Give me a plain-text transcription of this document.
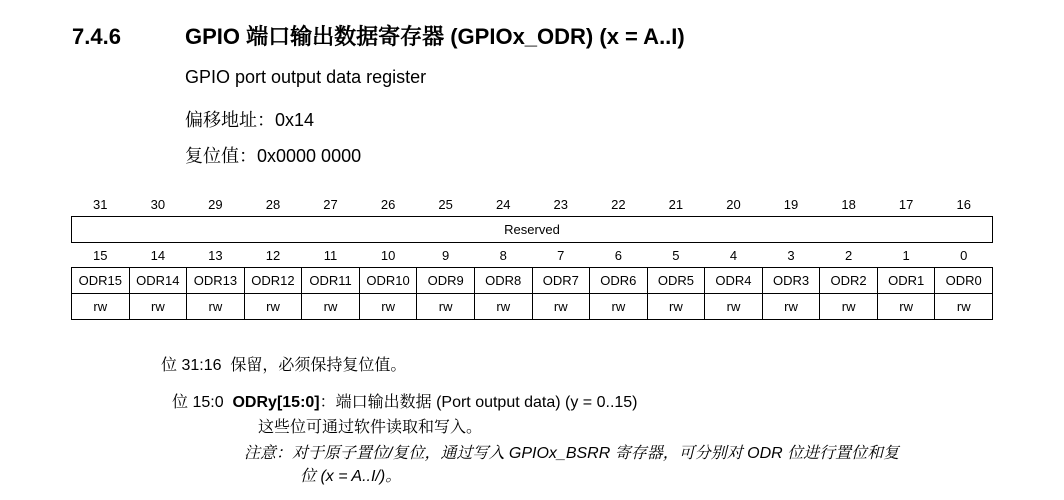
7.4.6	GPIO 端口输出数据寄存器 (GPIOx_ODR) (x = A..I)
GPIO port output data register
偏移地址：0x14
复位值：0x0000 0000
31	30	29	28	27	26	25	24	23	22	21	20	19	18	17	16
Reserved															
15	14	13	12	11	10	9	8	7	6	5	4	3	2	1	0
ODR15	ODR14	ODR13	ODR12	ODR11	ODR10	ODR9	ODR8	ODR7	ODR6	ODR5	ODR4	ODR3	ODR2	ODR1	ODR0
rw	rw	rw	rw	rw	rw	rw	rw	rw	rw	rw	rw	rw	rw	rw	rw
位 31:16 保留，必须保持复位值。
位 15:0 ODRy[15:0]：端口输出数据 (Port output data) (y = 0..15)
这些位可通过软件读取和写入。
注意：对于原子置位/复位，通过写入 GPIOx_BSRR 寄存器，可分别对 ODR 位进行置位和复
位 (x = A..I/)。
